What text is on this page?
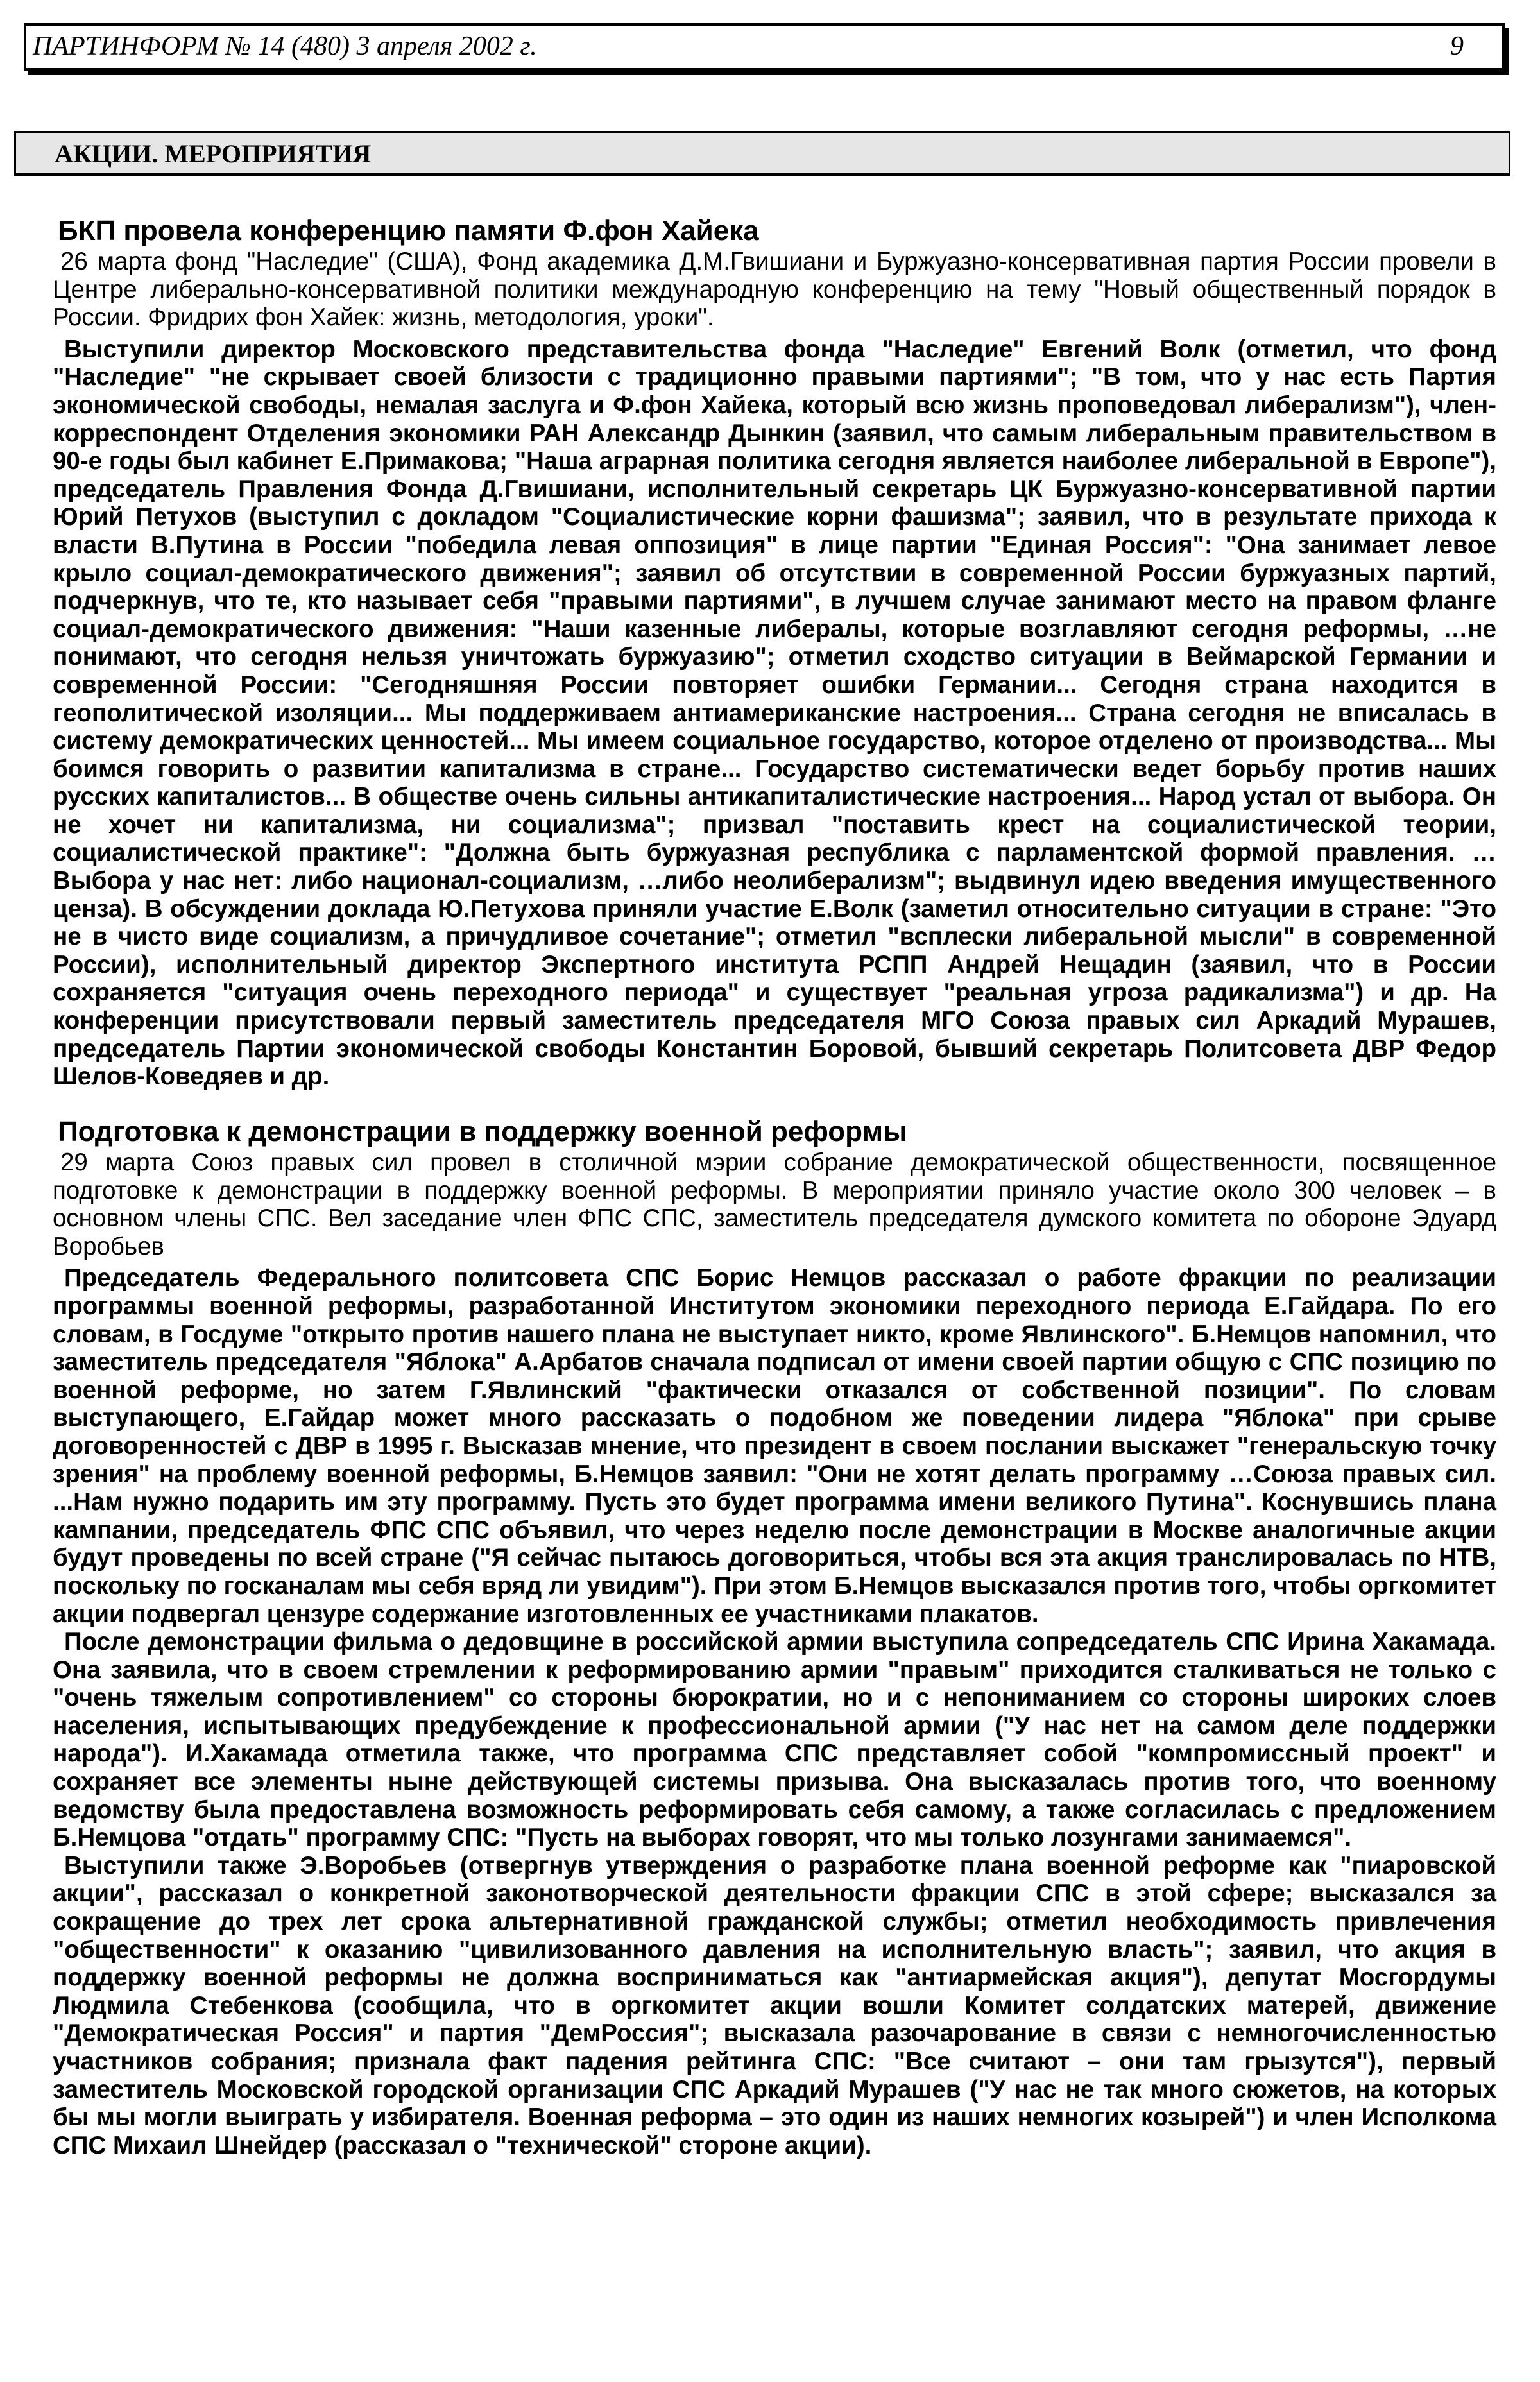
ПАРТИНФОРМ № 14 (480) 3 апреля 2002 г.	9
АКЦИИ. МЕРОПРИЯТИЯ
БКП провела конференцию памяти Ф.фон Хайека

26 марта фонд "Наследие" (США), Фонд академика Д.М.Гвишиани и Буржуазно-консервативная партия России провели в Центре либерально-консервативной политики международную конференцию на тему "Новый общественный порядок в России. Фридрих фон Хайек: жизнь, методология, уроки".

Выступили директор Московского представительства фонда "Наследие" Евгений Волк (отметил, что фонд "Наследие" "не скрывает своей близости с традиционно правыми партиями"; "В том, что у нас есть Партия экономической свободы, немалая заслуга и Ф.фон Хайека, который всю жизнь проповедовал либерализм"), член-корреспондент Отделения экономики РАН Александр Дынкин (заявил, что самым либеральным правительством в 90-е годы был кабинет Е.Примакова; "Наша аграрная политика сегодня является наиболее либеральной в Европе"), председатель Правления Фонда Д.Гвишиани, исполнительный секретарь ЦК Буржуазно-консервативной партии Юрий Петухов (выступил с докладом "Социалистические корни фашизма"; заявил, что в результате прихода к власти В.Путина в России "победила левая оппозиция" в лице партии "Единая Россия": "Она занимает левое крыло социал-демократического движения"; заявил об отсутствии в современной России буржуазных партий, подчеркнув, что те, кто называет себя "правыми партиями", в лучшем случае занимают место на правом фланге социал-демократического движения: "Наши казенные либералы, которые возглавляют сегодня реформы, …не понимают, что сегодня нельзя уничтожать буржуазию"; отметил сходство ситуации в Веймарской Германии и современной России: "Сегодняшняя России повторяет ошибки Германии... Сегодня страна находится в геополитической изоляции... Мы поддерживаем антиамериканские настроения... Страна сегодня не вписалась в систему демократических ценностей... Мы имеем социальное государство, которое отделено от производства... Мы боимся говорить о развитии капитализма в стране... Государство систематически ведет борьбу против наших русских капиталистов... В обществе очень сильны антикапиталистические настроения... Народ устал от выбора. Он не хочет ни капитализма, ни социализма"; призвал "поставить крест на социалистической теории, социалистической практике": "Должна быть буржуазная республика с парламентской формой правления. …Выбора у нас нет: либо национал-социализм, …либо неолиберализм"; выдвинул идею введения имущественного ценза). В обсуждении доклада Ю.Петухова приняли участие Е.Волк (заметил относительно ситуации в стране: "Это не в чисто виде социализм, а причудливое сочетание"; отметил "всплески либеральной мысли" в современной России), исполнительный директор Экспертного института РСПП Андрей Нещадин (заявил, что в России сохраняется "ситуация очень переходного периода" и существует "реальная угроза радикализма") и др. На конференции присутствовали первый заместитель председателя МГО Союза правых сил Аркадий Мурашев, председатель Партии экономической свободы Константин Боровой, бывший секретарь Политсовета ДВР Федор Шелов-Коведяев и др.

Подготовка к демонстрации в поддержку военной реформы

29 марта Союз правых сил провел в столичной мэрии собрание демократической общественности, посвященное подготовке к демонстрации в поддержку военной реформы. В мероприятии приняло участие около 300 человек – в основном члены СПС. Вел заседание член ФПС СПС, заместитель председателя думского комитета по обороне Эдуард Воробьев

Председатель Федерального политсовета СПС Борис Немцов рассказал о работе фракции по реализации программы военной реформы, разработанной Институтом экономики переходного периода Е.Гайдара. По его словам, в Госдуме "открыто против нашего плана не выступает никто, кроме Явлинского". Б.Немцов напомнил, что заместитель председателя "Яблока" А.Арбатов сначала подписал от имени своей партии общую с СПС позицию по военной реформе, но затем Г.Явлинский "фактически отказался от собственной позиции". По словам выступающего, Е.Гайдар может много рассказать о подобном же поведении лидера "Яблока" при срыве договоренностей с ДВР в 1995 г. Высказав мнение, что президент в своем послании выскажет "генеральскую точку зрения" на проблему военной реформы, Б.Немцов заявил: "Они не хотят делать программу …Союза правых сил. ...Нам нужно подарить им эту программу. Пусть это будет программа имени великого Путина". Коснувшись плана кампании, председатель ФПС СПС объявил, что через неделю после демонстрации в Москве аналогичные акции будут проведены по всей стране ("Я сейчас пытаюсь договориться, чтобы вся эта акция транслировалась по НТВ, поскольку по госканалам мы себя вряд ли увидим"). При этом Б.Немцов высказался против того, чтобы оргкомитет акции подвергал цензуре содержание изготовленных ее участниками плакатов.

После демонстрации фильма о дедовщине в российской армии выступила сопредседатель СПС Ирина Хакамада. Она заявила, что в своем стремлении к реформированию армии "правым" приходится сталкиваться не только с "очень тяжелым сопротивлением" со стороны бюрократии, но и с непониманием со стороны широких слоев населения, испытывающих предубеждение к профессиональной армии ("У нас нет на самом деле поддержки народа"). И.Хакамада отметила также, что программа СПС представляет собой "компромиссный проект" и сохраняет все элементы ныне действующей системы призыва. Она высказалась против того, что военному ведомству была предоставлена возможность реформировать себя самому, а также согласилась с предложением Б.Немцова "отдать" программу СПС: "Пусть на выборах говорят, что мы только лозунгами занимаемся".

Выступили также Э.Воробьев (отвергнув утверждения о разработке плана военной реформе как "пиаровской акции", рассказал о конкретной законотворческой деятельности фракции СПС в этой сфере; высказался за сокращение до трех лет срока альтернативной гражданской службы; отметил необходимость привлечения "общественности" к оказанию "цивилизованного давления на исполнительную власть"; заявил, что акция в поддержку военной реформы не должна восприниматься как "антиармейская акция"), депутат Мосгордумы Людмила Стебенкова (сообщила, что в оргкомитет акции вошли Комитет солдатских матерей, движение "Демократическая Россия" и партия "ДемРоссия"; высказала разочарование в связи с немногочисленностью участников собрания; признала факт падения рейтинга СПС: "Все считают – они там грызутся"), первый заместитель Московской городской организации СПС Аркадий Мурашев ("У нас не так много сюжетов, на которых бы мы могли выиграть у избирателя. Военная реформа – это один из наших немногих козырей") и член Исполкома СПС Михаил Шнейдер (рассказал о "технической" стороне акции).
